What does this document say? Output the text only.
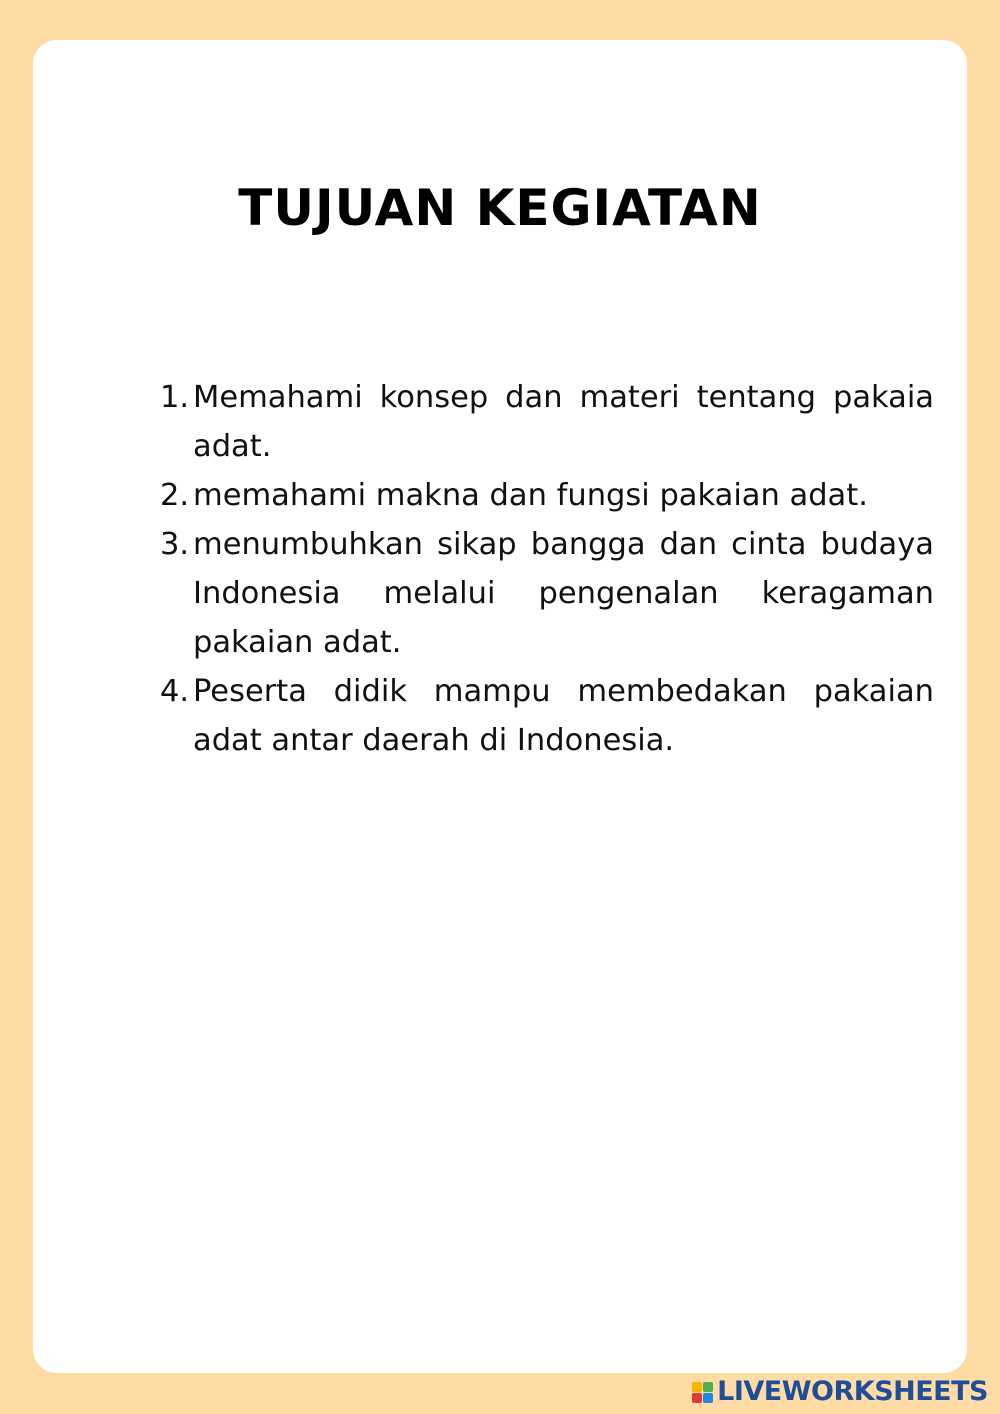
TUJUAN KEGIATAN
1. Memahami konsep dan materi tentang pakaia adat.
2. memahami makna dan fungsi pakaian adat.
3. menumbuhkan sikap bangga dan cinta budaya Indonesia melalui pengenalan keragaman pakaian adat.
4. Peserta didik mampu membedakan pakaian adat antar daerah di Indonesia.
LIVEWORKSHEETS
